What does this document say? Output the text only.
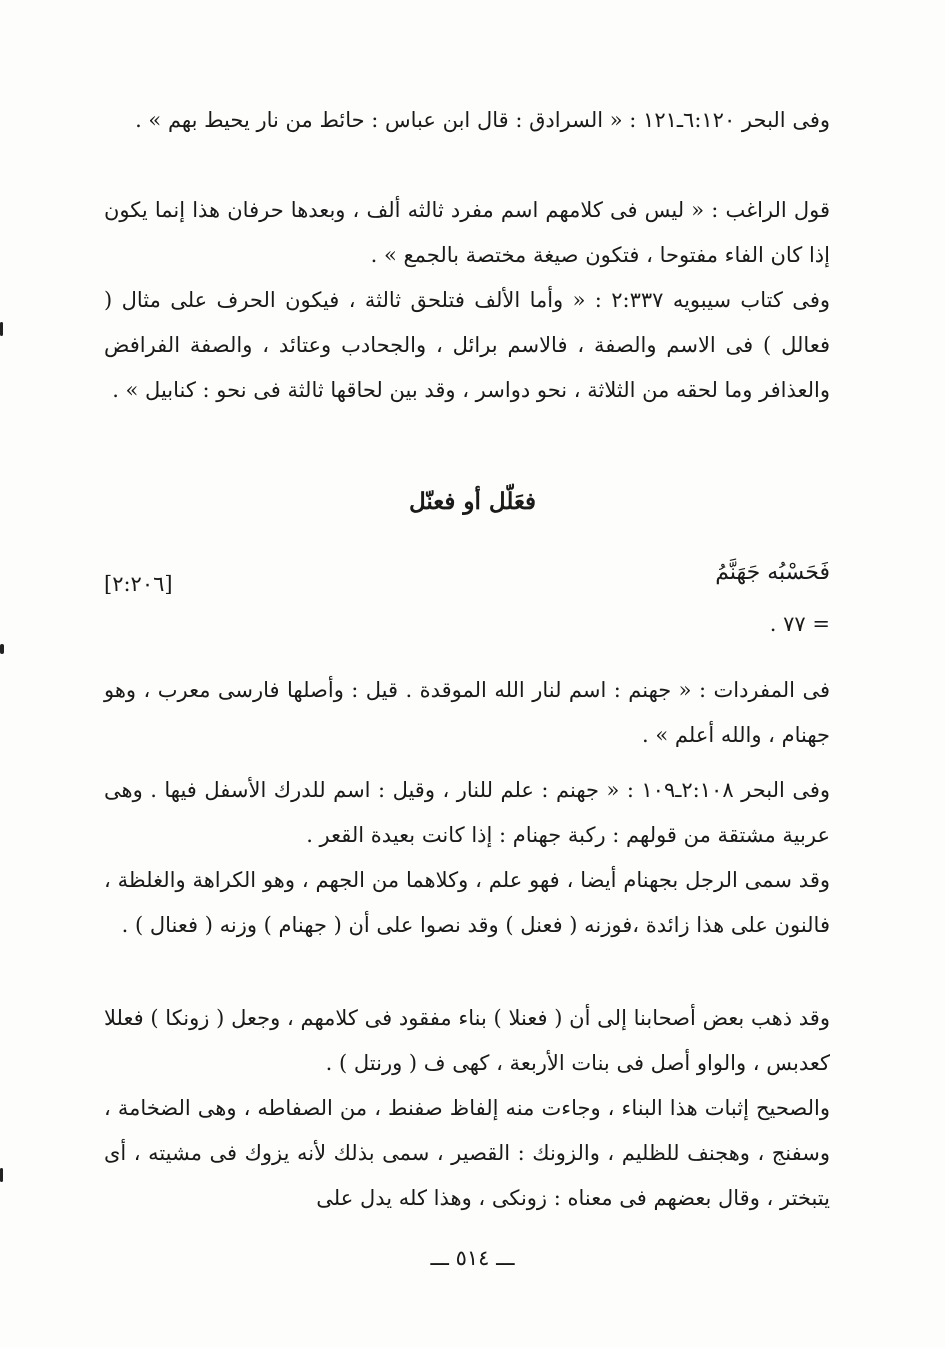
وفى البحر ٦:١٢٠ـ١٢١ : « السرادق : قال ابن عباس : حائط من نار يحيط بهم » .

قول الراغب : « ليس فى كلامهم اسم مفرد ثالثه ألف ، وبعدها حرفان هذا إنما يكون إذا كان الفاء مفتوحا ، فتكون صيغة مختصة بالجمع » .

وفى كتاب سيبويه ٢:٣٣٧ : « وأما الألف فتلحق ثالثة ، فيكون الحرف على مثال ( فعالل ) فى الاسم والصفة ، فالاسم برائل ، والجحادب وعتائد ، والصفة الفرافض والعذافر وما لحقه من الثلاثة ، نحو دواسر ، وقد بين لحاقها ثالثة فى نحو : كنابيل » .

فعَلّل أو فعنّل

فَحَسْبُه جَهَنَّمُ

[٢:٢٠٦]

= ٧٧ .

فى المفردات : « جهنم : اسم لنار الله الموقدة . قيل : وأصلها فارسى معرب ، وهو جهنام ، والله أعلم » .

وفى البحر ٢:١٠٨ـ١٠٩ : « جهنم : علم للنار ، وقيل : اسم للدرك الأسفل فيها . وهى عربية مشتقة من قولهم : ركبة جهنام : إذا كانت بعيدة القعر .

وقد سمى الرجل بجهنام أيضا ، فهو علم ، وكلاهما من الجهم ، وهو الكراهة والغلظة ، فالنون على هذا زائدة ،فوزنه ( فعنل ) وقد نصوا على أن ( جهنام ) وزنه ( فعنال ) .

وقد ذهب بعض أصحابنا إلى أن ( فعنلا ) بناء مفقود فى كلامهم ، وجعل ( زونكا ) فعللا كعدبس ، والواو أصل فى بنات الأربعة ، كهى ف ( ورنتل ) .

والصحيح إثبات هذا البناء ، وجاءت منه إلفاظ صفنط ، من الصفاطه ، وهى الضخامة ، وسفنج ، وهجنف للظليم ، والزونك : القصير ، سمى بذلك لأنه يزوك فى مشيته ، أى يتبختر ، وقال بعضهم فى معناه : زونكى ، وهذا كله يدل على

ـــ ٥١٤ ـــ
